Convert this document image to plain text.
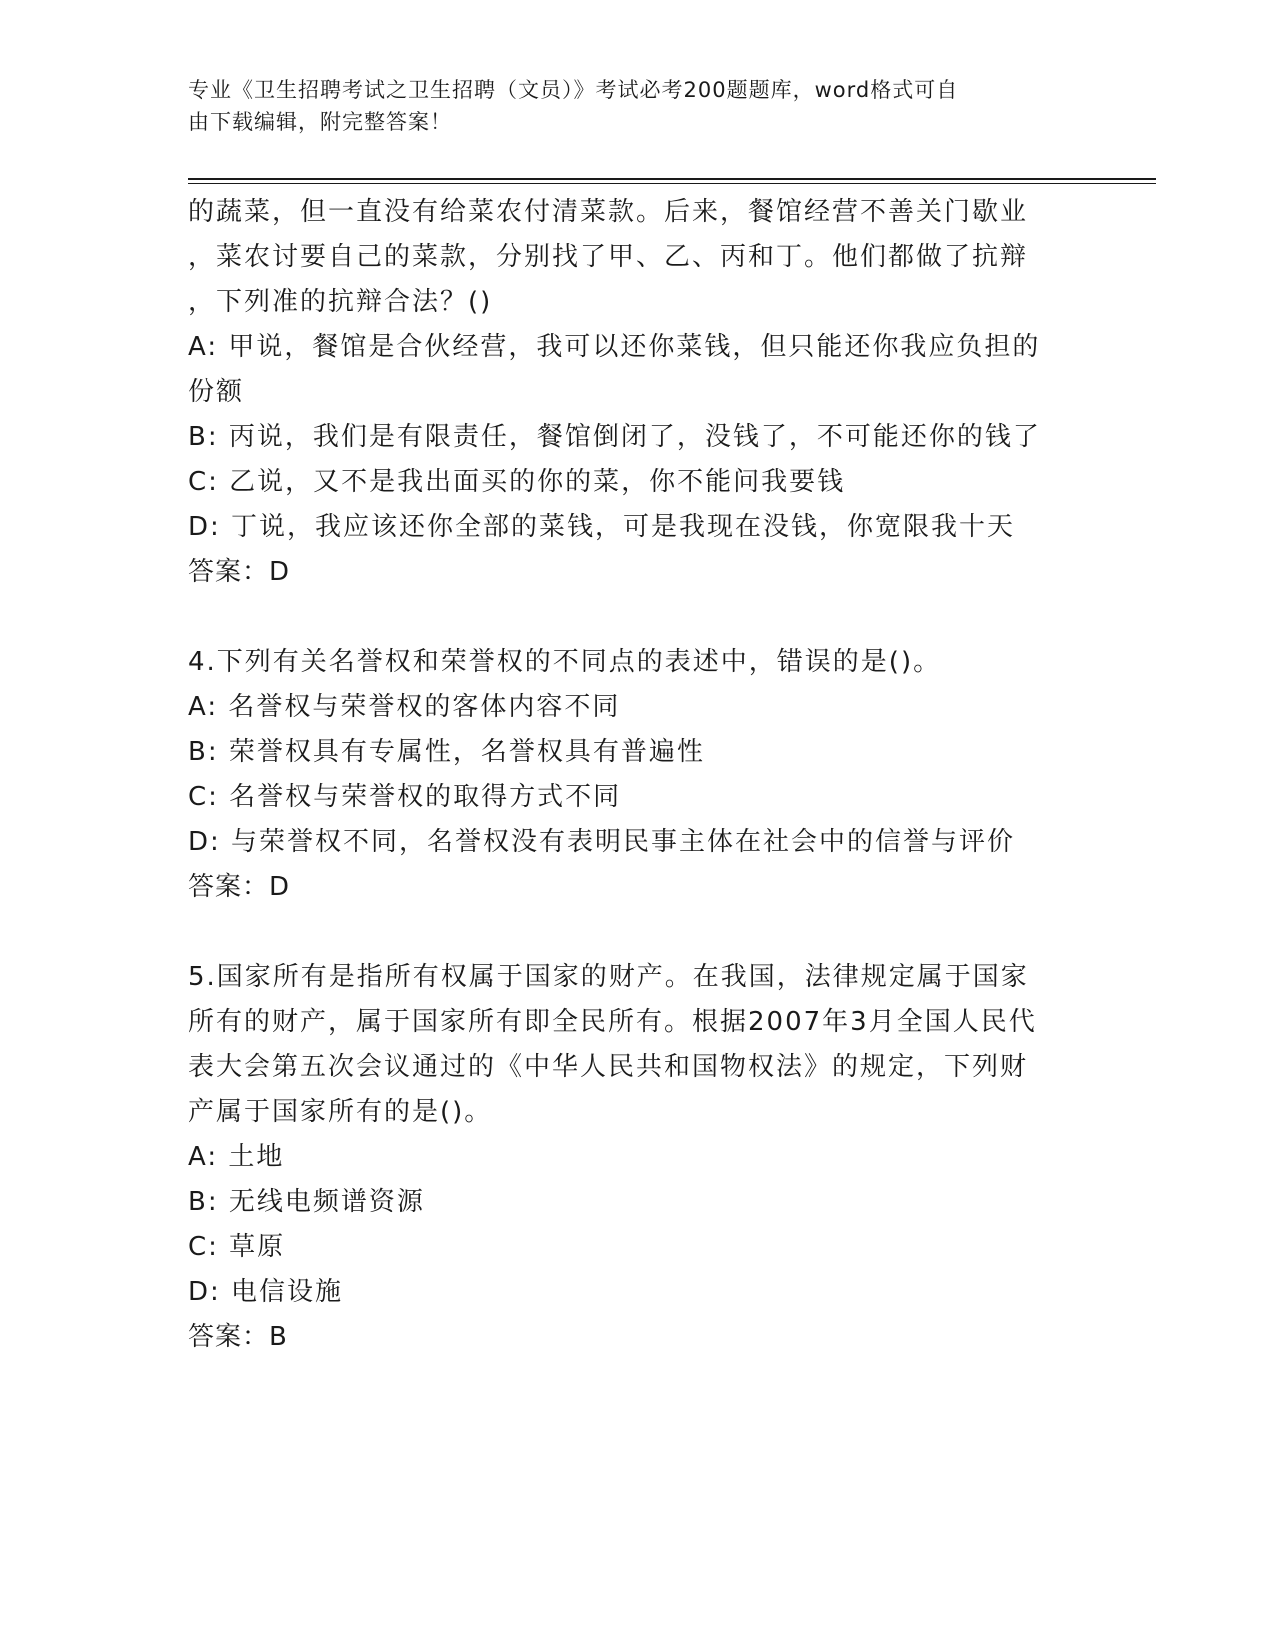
专业《卫生招聘考试之卫生招聘（文员）》考试必考200题题库，word格式可自
由下载编辑，附完整答案！
的蔬菜，但一直没有给菜农付清菜款。后来，餐馆经营不善关门歇业
，菜农讨要自己的菜款，分别找了甲、乙、丙和丁。他们都做了抗辩
，下列准的抗辩合法？()
A: 甲说，餐馆是合伙经营，我可以还你菜钱，但只能还你我应负担的
份额
B: 丙说，我们是有限责任，餐馆倒闭了，没钱了，不可能还你的钱了
C: 乙说，又不是我出面买的你的菜，你不能问我要钱
D: 丁说，我应该还你全部的菜钱，可是我现在没钱，你宽限我十天
答案：D
4.下列有关名誉权和荣誉权的不同点的表述中，错误的是()。
A: 名誉权与荣誉权的客体内容不同
B: 荣誉权具有专属性，名誉权具有普遍性
C: 名誉权与荣誉权的取得方式不同
D: 与荣誉权不同，名誉权没有表明民事主体在社会中的信誉与评价
答案：D
5.国家所有是指所有权属于国家的财产。在我国，法律规定属于国家
所有的财产，属于国家所有即全民所有。根据2007年3月全国人民代
表大会第五次会议通过的《中华人民共和国物权法》的规定，下列财
产属于国家所有的是()。
A: 土地
B: 无线电频谱资源
C: 草原
D: 电信设施
答案：B
